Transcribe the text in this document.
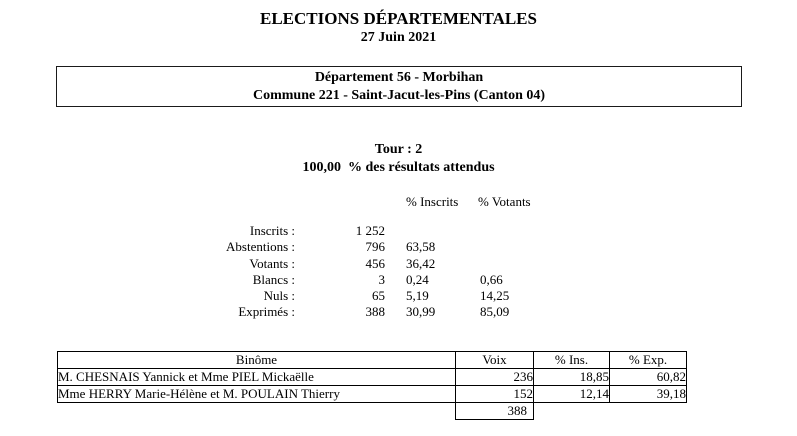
ELECTIONS DÉPARTEMENTALES
27 Juin 2021
Département 56 - Morbihan
Commune 221 - Saint-Jacut-les-Pins (Canton 04)
Tour : 2
100,00  % des résultats attendus
% Inscrits % Votants
Inscrits :	1 252
Abstentions :	796 63,58
Votants :	456 36,42
Blancs :	3 0,24	0,66
Nuls :	65 5,19	14,25
Exprimés :	388 30,99	85,09
Binôme	Voix	% Ins.	% Exp.
M. CHESNAIS Yannick et Mme PIEL Mickaëlle	236	18,85	60,82
Mme HERRY Marie-Hélène et M. POULAIN Thierry	152	12,14	39,18
	388		
